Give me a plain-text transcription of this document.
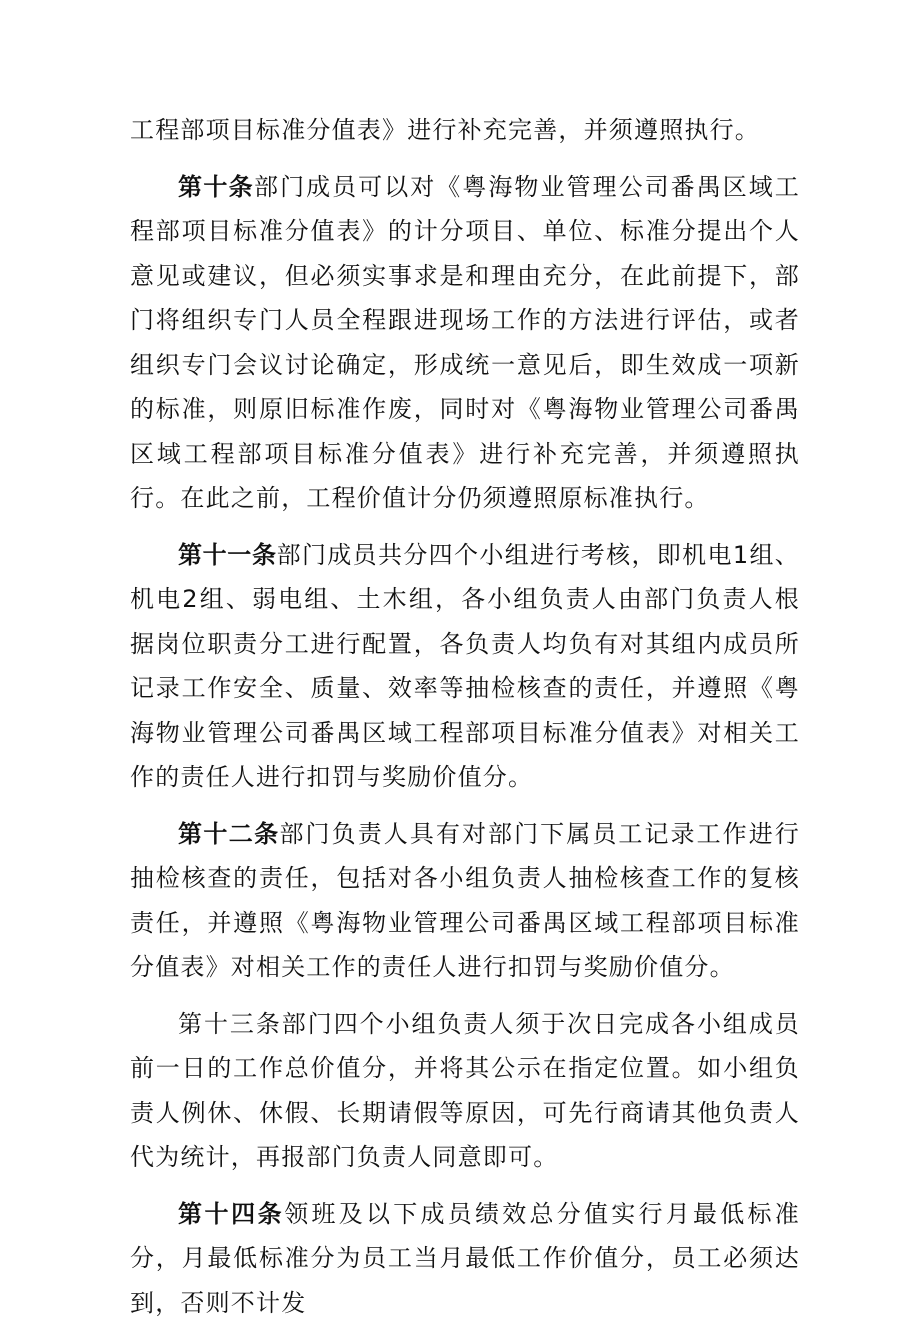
工程部项目标准分值表》进行补充完善，并须遵照执行。

第十条部门成员可以对《粤海物业管理公司番禺区域工程部项目标准分值表》的计分项目、单位、标准分提出个人意见或建议，但必须实事求是和理由充分，在此前提下，部门将组织专门人员全程跟进现场工作的方法进行评估，或者组织专门会议讨论确定，形成统一意见后，即生效成一项新的标准，则原旧标准作废，同时对《粤海物业管理公司番禺区域工程部项目标准分值表》进行补充完善，并须遵照执行。在此之前，工程价值计分仍须遵照原标准执行。

第十一条部门成员共分四个小组进行考核，即机电1组、机电2组、弱电组、土木组，各小组负责人由部门负责人根据岗位职责分工进行配置，各负责人均负有对其组内成员所记录工作安全、质量、效率等抽检核查的责任，并遵照《粤海物业管理公司番禺区域工程部项目标准分值表》对相关工作的责任人进行扣罚与奖励价值分。

第十二条部门负责人具有对部门下属员工记录工作进行抽检核查的责任，包括对各小组负责人抽检核查工作的复核责任，并遵照《粤海物业管理公司番禺区域工程部项目标准分值表》对相关工作的责任人进行扣罚与奖励价值分。

第十三条部门四个小组负责人须于次日完成各小组成员前一日的工作总价值分，并将其公示在指定位置。如小组负责人例休、休假、长期请假等原因，可先行商请其他负责人代为统计，再报部门负责人同意即可。

第十四条领班及以下成员绩效总分值实行月最低标准分，月最低标准分为员工当月最低工作价值分，员工必须达到，否则不计发
